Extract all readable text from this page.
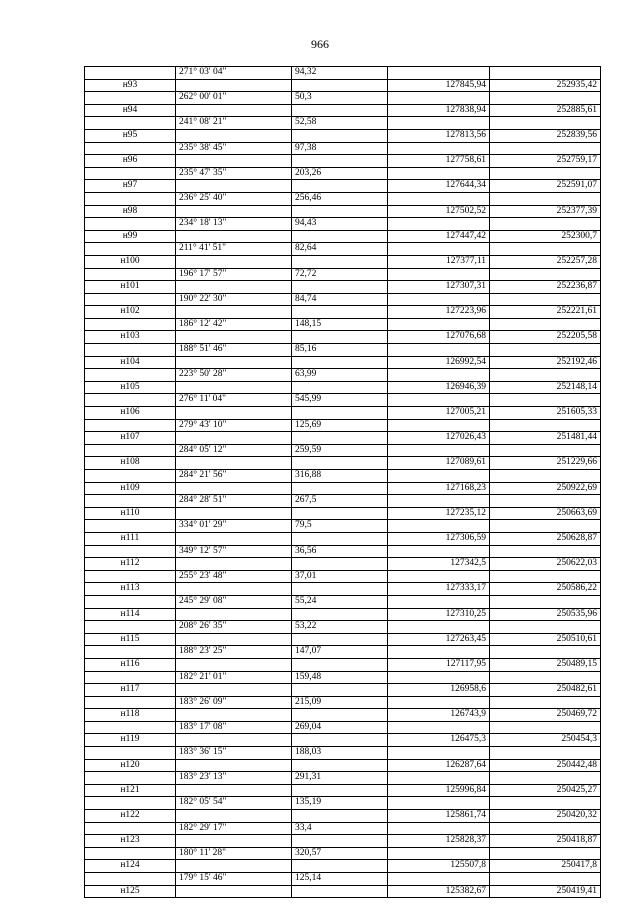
966
	271° 03' 04"	94,32		
н93			127845,94	252935,42
	262° 00' 01"	50,3		
н94			127838,94	252885,61
	241° 08' 21"	52,58		
н95			127813,56	252839,56
	235° 38' 45"	97,38		
н96			127758,61	252759,17
	235° 47' 35"	203,26		
н97			127644,34	252591,07
	236° 25' 40"	256,46		
н98			127502,52	252377,39
	234° 18' 13"	94,43		
н99			127447,42	252300,7
	211° 41' 51"	82,64		
н100			127377,11	252257,28
	196° 17' 57"	72,72		
н101			127307,31	252236,87
	190° 22' 30"	84,74		
н102			127223,96	252221,61
	186° 12' 42"	148,15		
н103			127076,68	252205,58
	188° 51' 46"	85,16		
н104			126992,54	252192,46
	223° 50' 28"	63,99		
н105			126946,39	252148,14
	276° 11' 04"	545,99		
н106			127005,21	251605,33
	279° 43' 10"	125,69		
н107			127026,43	251481,44
	284° 05' 12"	259,59		
н108			127089,61	251229,66
	284° 21' 56"	316,88		
н109			127168,23	250922,69
	284° 28' 51"	267,5		
н110			127235,12	250663,69
	334° 01' 29"	79,5		
н111			127306,59	250628,87
	349° 12' 57"	36,56		
н112			127342,5	250622,03
	255° 23' 48"	37,01		
н113			127333,17	250586,22
	245° 29' 08"	55,24		
н114			127310,25	250535,96
	208° 26' 35"	53,22		
н115			127263,45	250510,61
	188° 23' 25"	147,07		
н116			127117,95	250489,15
	182° 21' 01"	159,48		
н117			126958,6	250482,61
	183° 26' 09"	215,09		
н118			126743,9	250469,72
	183° 17' 08"	269,04		
н119			126475,3	250454,3
	183° 36' 15"	188,03		
н120			126287,64	250442,48
	183° 23' 13"	291,31		
н121			125996,84	250425,27
	182° 05' 54"	135,19		
н122			125861,74	250420,32
	182° 29' 17"	33,4		
н123			125828,37	250418,87
	180° 11' 28"	320,57		
н124			125507,8	250417,8
	179° 15' 46"	125,14		
н125			125382,67	250419,41
